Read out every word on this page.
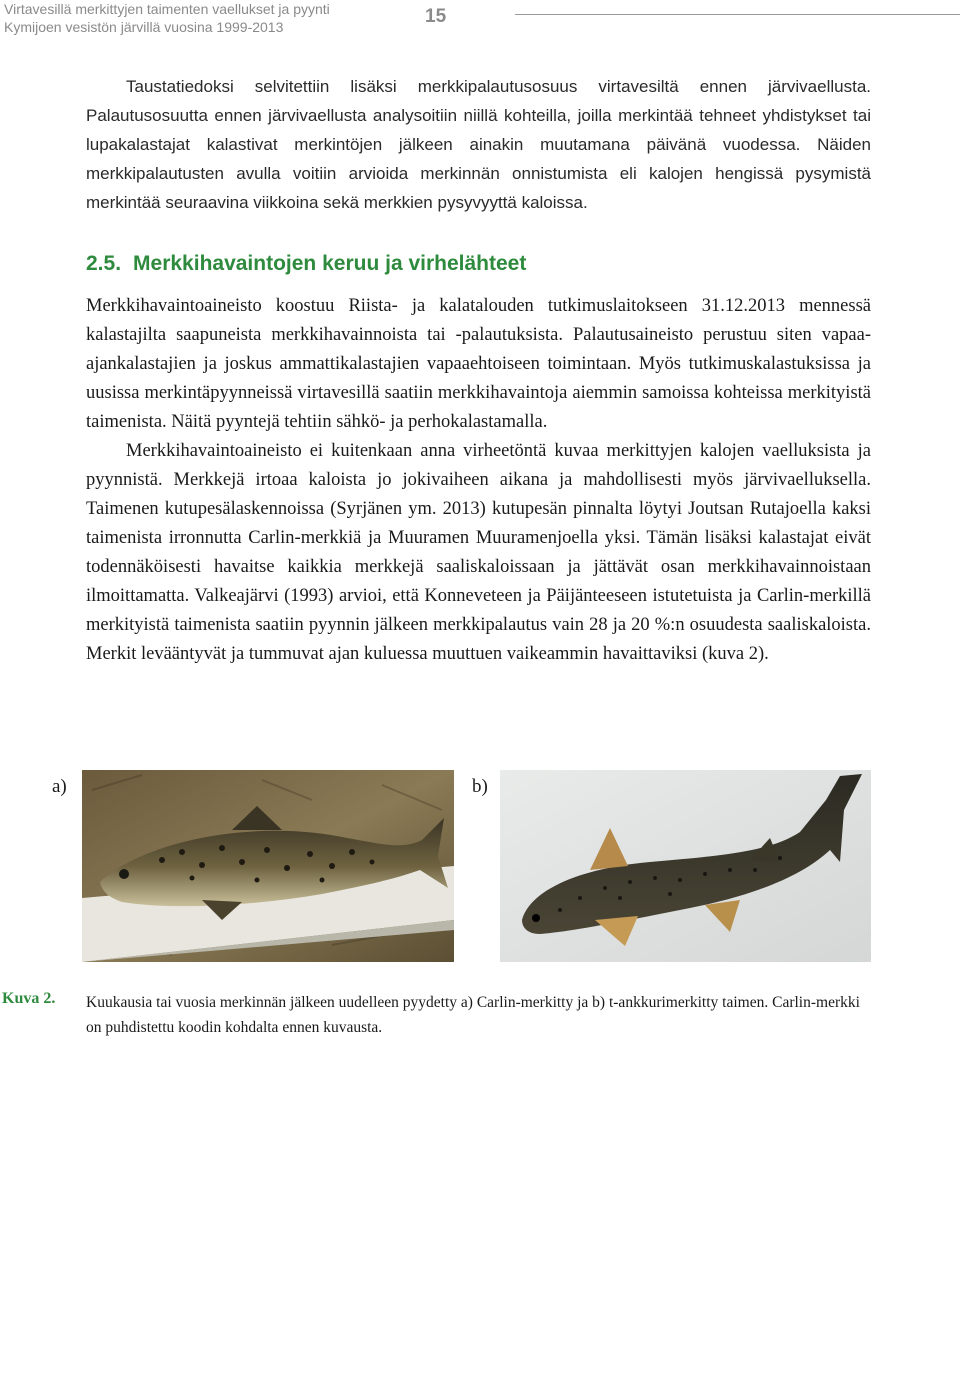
Virtavesillä merkittyjen taimenten vaellukset ja pyynti
Kymijoen vesistön järvillä vuosina 1999-2013	15

Taustatiedoksi selvitettiin lisäksi merkkipalautusosuus virtavesiltä ennen järvivaellusta. Palautusosuutta ennen järvivaellusta analysoitiin niillä kohteilla, joilla merkintää tehneet yhdistykset tai lupakalastajat kalastivat merkintöjen jälkeen ainakin muutamana päivänä vuodessa. Näiden merkkipalautusten avulla voitiin arvioida merkinnän onnistumista eli kalojen hengissä pysymistä merkintää seuraavina viikkoina sekä merkkien pysyvyyttä kaloissa.

2.5. Merkkihavaintojen keruu ja virhelähteet

Merkkihavaintoaineisto koostuu Riista- ja kalatalouden tutkimuslaitokseen 31.12.2013 mennessä kalastajilta saapuneista merkkihavainnoista tai -palautuksista. Palautusaineisto perustuu siten vapaa-ajankalastajien ja joskus ammattikalastajien vapaaehtoiseen toimintaan. Myös tutkimuskalastuksissa ja uusissa merkintäpyynneissä virtavesillä saatiin merkkihavaintoja aiemmin samoissa kohteissa merkityistä taimenista. Näitä pyyntejä tehtiin sähkö- ja perhokalastamalla.

Merkkihavaintoaineisto ei kuitenkaan anna virheetöntä kuvaa merkittyjen kalojen vaelluksista ja pyynnistä. Merkkejä irtoaa kaloista jo jokivaiheen aikana ja mahdollisesti myös järvivaelluksella. Taimenen kutupesälaskennoissa (Syrjänen ym. 2013) kutupesän pinnalta löytyi Joutsan Rutajoella kaksi taimenista irronnutta Carlin-merkkiä ja Muuramen Muuramenjoella yksi. Tämän lisäksi kalastajat eivät todennäköisesti havaitse kaikkia merkkejä saaliskaloissaan ja jättävät osan merkkihavainnoistaan ilmoittamatta. Valkeajärvi (1993) arvioi, että Konneveteen ja Päijänteeseen istutetuista ja Carlin-merkillä merkityistä taimenista saatiin pyynnin jälkeen merkkipalautus vain 28 ja 20 %:n osuudesta saaliskaloista. Merkit levääntyvät ja tummuvat ajan kuluessa muuttuen vaikeammin havaittaviksi (kuva 2).

a)	b)
Kuva 2. Kuukausia tai vuosia merkinnän jälkeen uudelleen pyydetty a) Carlin-merkitty ja b) t-ankkurimerkitty taimen. Carlin-merkki on puhdistettu koodin kohdalta ennen kuvausta.
